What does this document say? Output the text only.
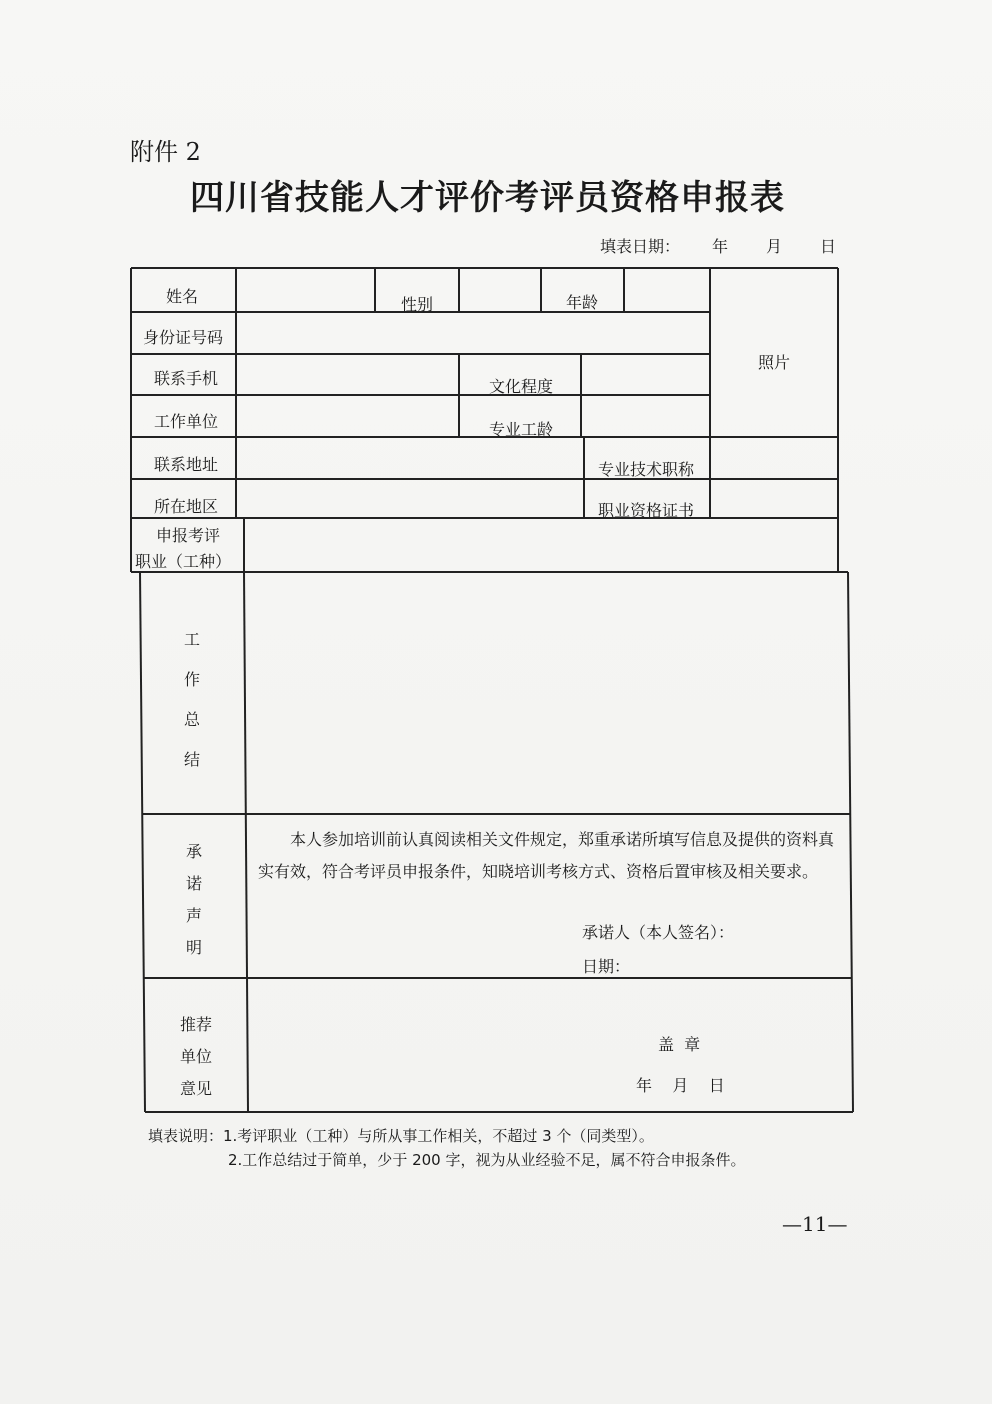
附件 2
四川省技能人才评价考评员资格申报表
填表日期： 年 月 日
姓名	性别	年龄
照片
身份证号码
联系手机	文化程度
工作单位	专业工龄
联系地址	专业技术职称
所在地区	职业资格证书
申报考评
职业（工种）
工
作
总
结
承
诺
声
明
本人参加培训前认真阅读相关文件规定，郑重承诺所填写信息及提供的资料真实有效，符合考评员申报条件，知晓培训考核方式、资格后置审核及相关要求。
承诺人（本人签名）：
日期：
推荐
单位
意见
盖  章
年    月    日
填表说明：1.考评职业（工种）与所从事工作相关，不超过 3 个（同类型）。
2.工作总结过于简单，少于 200 字，视为从业经验不足，属不符合申报条件。
—11—
